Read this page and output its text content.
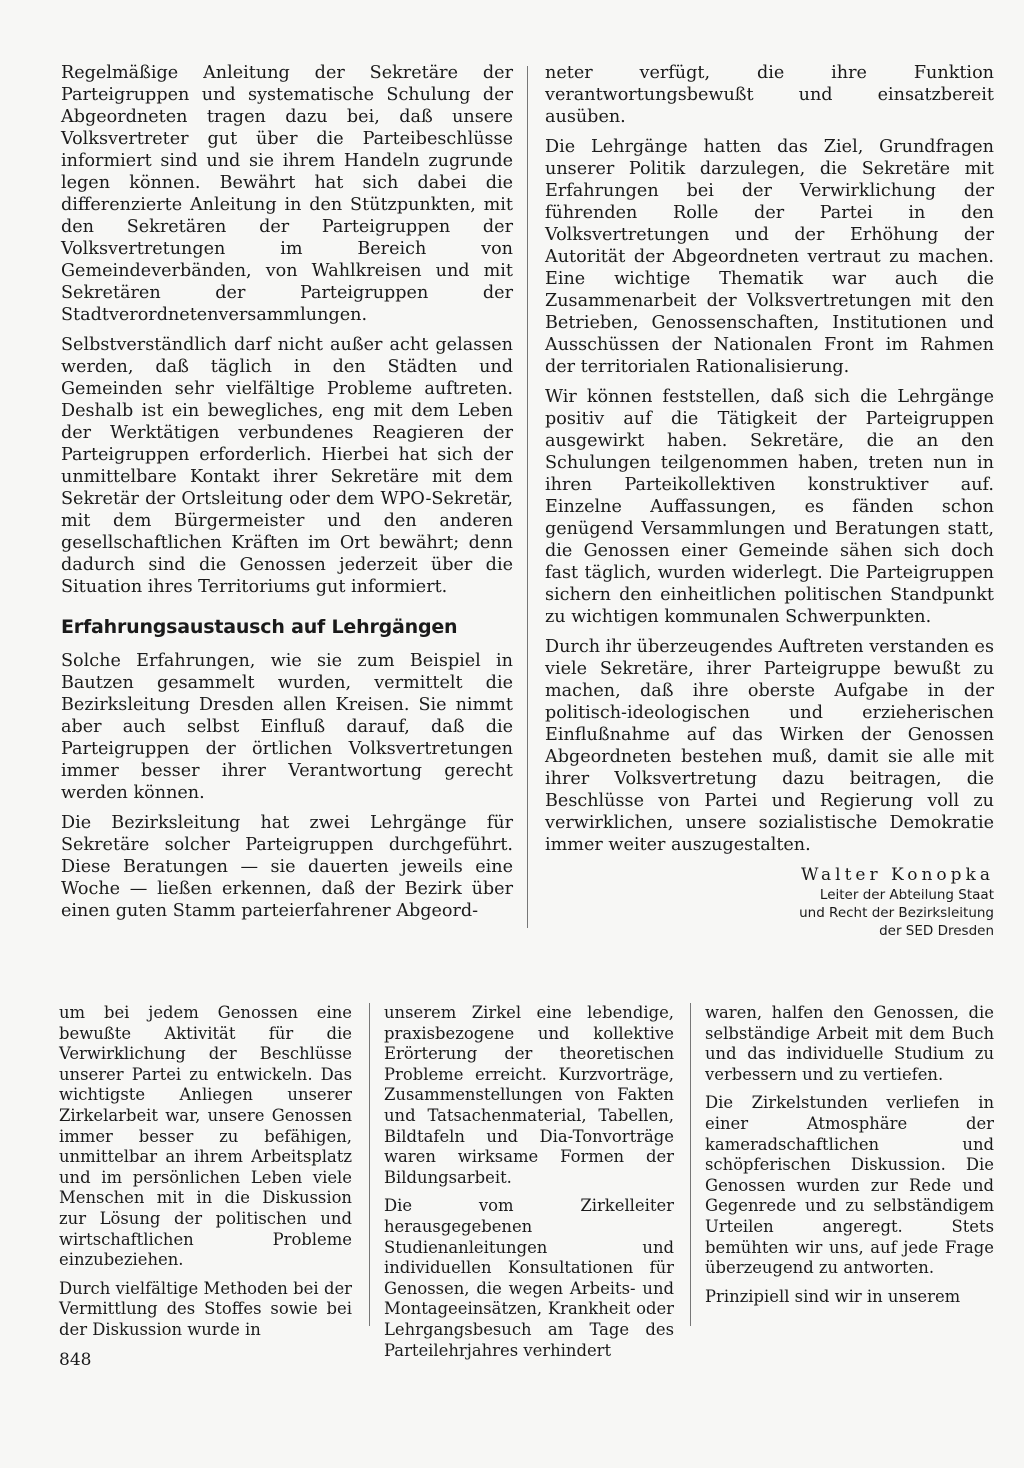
Regelmäßige Anleitung der Sekretäre der Parteigruppen und systematische Schulung der Abgeordneten tragen dazu bei, daß unsere Volksvertreter gut über die Parteibeschlüsse informiert sind und sie ihrem Handeln zugrunde legen können. Bewährt hat sich dabei die differenzierte Anleitung in den Stützpunkten, mit den Sekretären der Parteigruppen der Volksvertretungen im Bereich von Gemeindeverbänden, von Wahlkreisen und mit Sekretären der Parteigruppen der Stadtverordnetenversammlungen.

Selbstverständlich darf nicht außer acht gelassen werden, daß täglich in den Städten und Gemeinden sehr vielfältige Probleme auftreten. Deshalb ist ein bewegliches, eng mit dem Leben der Werktätigen verbundenes Reagieren der Parteigruppen erforderlich. Hierbei hat sich der unmittelbare Kontakt ihrer Sekretäre mit dem Sekretär der Ortsleitung oder dem WPO-Sekretär, mit dem Bürgermeister und den anderen gesellschaftlichen Kräften im Ort bewährt; denn dadurch sind die Genossen jederzeit über die Situation ihres Territoriums gut informiert.

Erfahrungsaustausch auf Lehrgängen

Solche Erfahrungen, wie sie zum Beispiel in Bautzen gesammelt wurden, vermittelt die Bezirksleitung Dresden allen Kreisen. Sie nimmt aber auch selbst Einfluß darauf, daß die Parteigruppen der örtlichen Volksvertretungen immer besser ihrer Verantwortung gerecht werden können.

Die Bezirksleitung hat zwei Lehrgänge für Sekretäre solcher Parteigruppen durchgeführt. Diese Beratungen — sie dauerten jeweils eine Woche — ließen erkennen, daß der Bezirk über einen guten Stamm parteierfahrener Abgeord-

neter verfügt, die ihre Funktion verantwortungsbewußt und einsatzbereit ausüben.

Die Lehrgänge hatten das Ziel, Grundfragen unserer Politik darzulegen, die Sekretäre mit Erfahrungen bei der Verwirklichung der führenden Rolle der Partei in den Volksvertretungen und der Erhöhung der Autorität der Abgeordneten vertraut zu machen. Eine wichtige Thematik war auch die Zusammenarbeit der Volksvertretungen mit den Betrieben, Genossenschaften, Institutionen und Ausschüssen der Nationalen Front im Rahmen der territorialen Rationalisierung.

Wir können feststellen, daß sich die Lehrgänge positiv auf die Tätigkeit der Parteigruppen ausgewirkt haben. Sekretäre, die an den Schulungen teilgenommen haben, treten nun in ihren Parteikollektiven konstruktiver auf. Einzelne Auffassungen, es fänden schon genügend Versammlungen und Beratungen statt, die Genossen einer Gemeinde sähen sich doch fast täglich, wurden widerlegt. Die Parteigruppen sichern den einheitlichen politischen Standpunkt zu wichtigen kommunalen Schwerpunkten.

Durch ihr überzeugendes Auftreten verstanden es viele Sekretäre, ihrer Parteigruppe bewußt zu machen, daß ihre oberste Aufgabe in der politisch-ideologischen und erzieherischen Einflußnahme auf das Wirken der Genossen Abgeordneten bestehen muß, damit sie alle mit ihrer Volksvertretung dazu beitragen, die Beschlüsse von Partei und Regierung voll zu verwirklichen, unsere sozialistische Demokratie immer weiter auszugestalten.

Walter Konopka
Leiter der Abteilung Staat
und Recht der Bezirksleitung
der SED Dresden

um bei jedem Genossen eine bewußte Aktivität für die Verwirklichung der Beschlüsse unserer Partei zu entwickeln. Das wichtigste Anliegen unserer Zirkelarbeit war, unsere Genossen immer besser zu befähigen, unmittelbar an ihrem Arbeitsplatz und im persönlichen Leben viele Menschen mit in die Diskussion zur Lösung der politischen und wirtschaftlichen Probleme einzubeziehen.

Durch vielfältige Methoden bei der Vermittlung des Stoffes sowie bei der Diskussion wurde in

unserem Zirkel eine lebendige, praxisbezogene und kollektive Erörterung der theoretischen Probleme erreicht. Kurzvorträge, Zusammenstellungen von Fakten und Tatsachenmaterial, Tabellen, Bildtafeln und Dia-Tonvorträge waren wirksame Formen der Bildungsarbeit.

Die vom Zirkelleiter herausgegebenen Studienanleitungen und individuellen Konsultationen für Genossen, die wegen Arbeits- und Montageeinsätzen, Krankheit oder Lehrgangsbesuch am Tage des Parteilehrjahres verhindert

waren, halfen den Genossen, die selbständige Arbeit mit dem Buch und das individuelle Studium zu verbessern und zu vertiefen.

Die Zirkelstunden verliefen in einer Atmosphäre der kameradschaftlichen und schöpferischen Diskussion. Die Genossen wurden zur Rede und Gegenrede und zu selbständigem Urteilen angeregt. Stets bemühten wir uns, auf jede Frage überzeugend zu antworten.

Prinzipiell sind wir in unserem

848
